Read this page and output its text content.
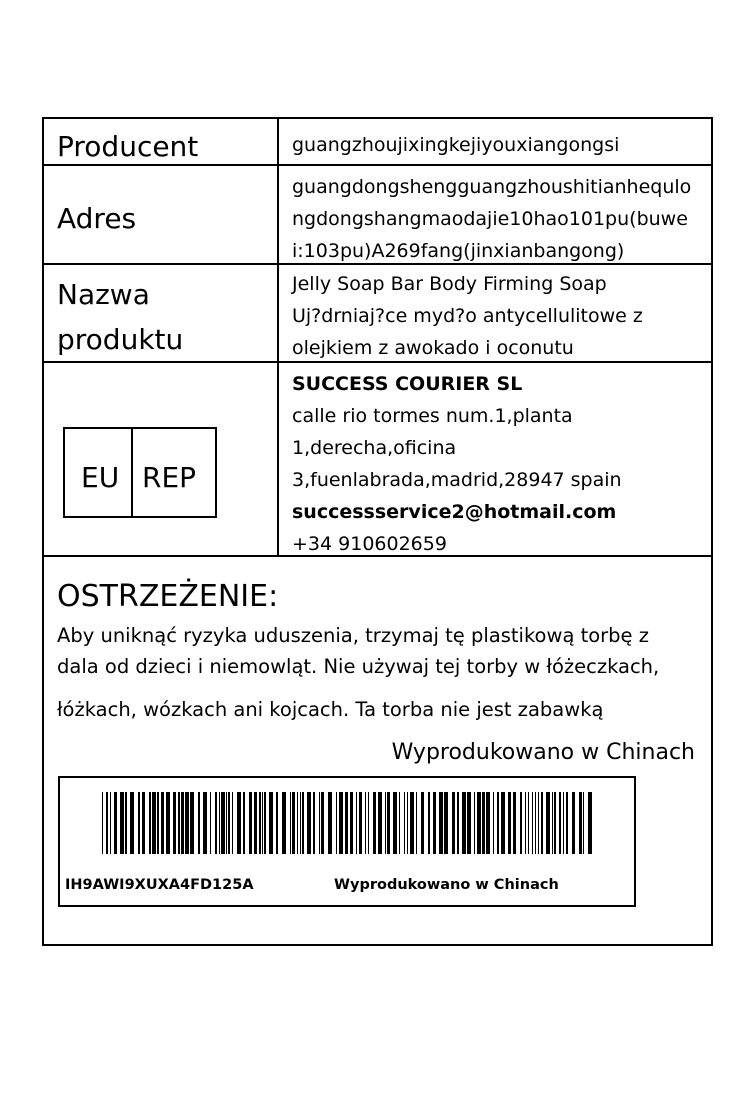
Producent	guangzhoujixingkejiyouxiangongsi
Adres
guangdongshengguangzhoushitianhequlo
ngdongshangmaodajie10hao101pu(buwe
i:103pu)A269fang(jinxianbangong)
Nazwa
produktu
Jelly Soap Bar Body Firming Soap
Uj?drniaj?ce myd?o antycellulitowe z
olejkiem z awokado i oconutu
EU REP
SUCCESS COURIER SL
calle rio tormes num.1,planta
1,derecha,oficina
3,fuenlabrada,madrid,28947 spain
successservice2@hotmail.com
+34 910602659
OSTRZEŻENIE:
Aby uniknąć ryzyka uduszenia, trzymaj tę plastikową torbę z
dala od dzieci i niemowląt. Nie używaj tej torby w łóżeczkach,
łóżkach, wózkach ani kojcach. Ta torba nie jest zabawką
Wyprodukowano w Chinach
IH9AWI9XUXA4FD125A	Wyprodukowano w Chinach
